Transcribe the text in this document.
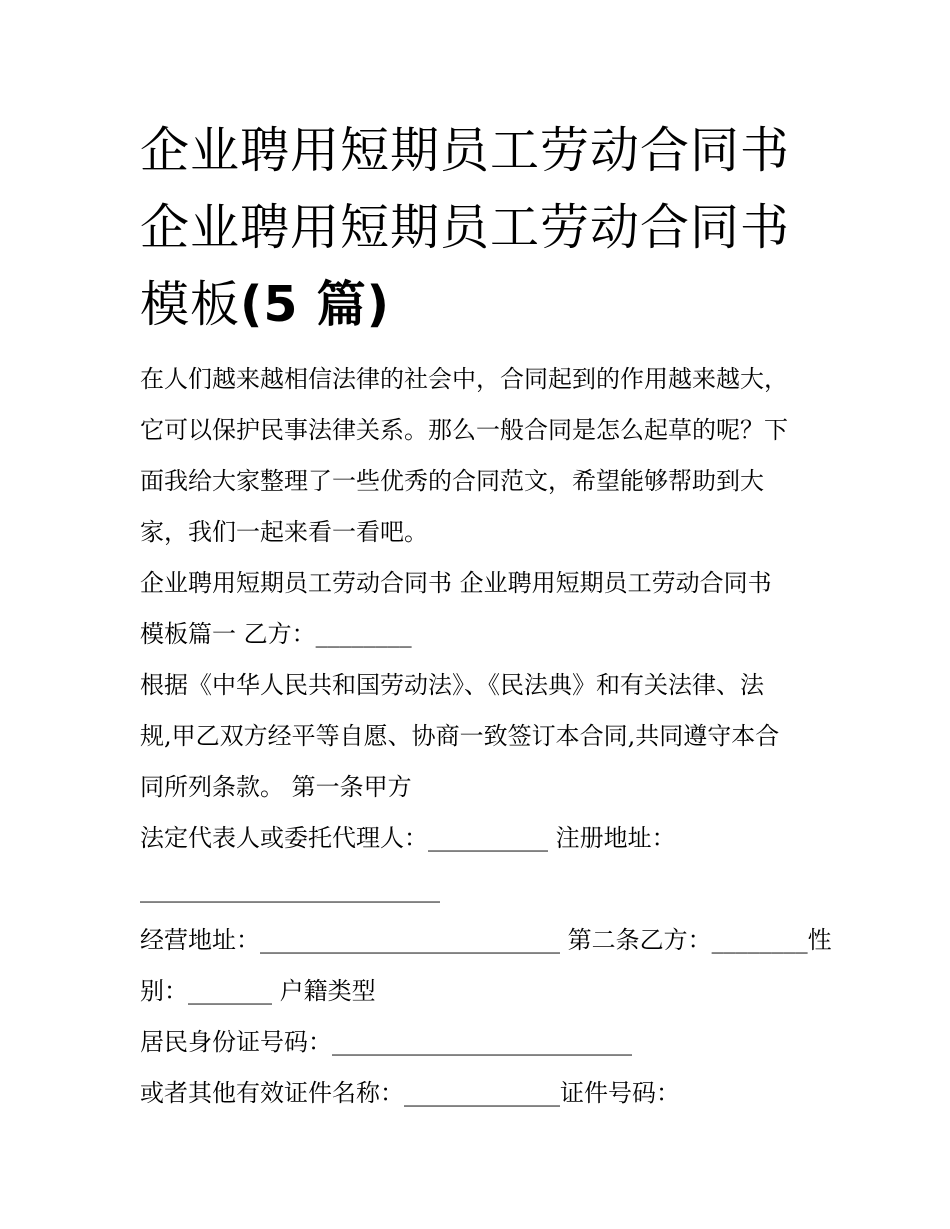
企业聘用短期员工劳动合同书
企业聘用短期员工劳动合同书
模板(5 篇)
在人们越来越相信法律的社会中，合同起到的作用越来越大，
它可以保护民事法律关系。那么一般合同是怎么起草的呢？下
面我给大家整理了一些优秀的合同范文，希望能够帮助到大
家，我们一起来看一看吧。
企业聘用短期员工劳动合同书 企业聘用短期员工劳动合同书
模板篇一 乙方：________
根据《中华人民共和国劳动法》、《民法典》和有关法律、法
规,甲乙双方经平等自愿、协商一致签订本合同,共同遵守本合
同所列条款。 第一条甲方
法定代表人或委托代理人：__________ 注册地址：
_________________________
经营地址：_________________________ 第二条乙方：________性
别：_______ 户籍类型
居民身份证号码：_________________________
或者其他有效证件名称：_____________证件号码：
